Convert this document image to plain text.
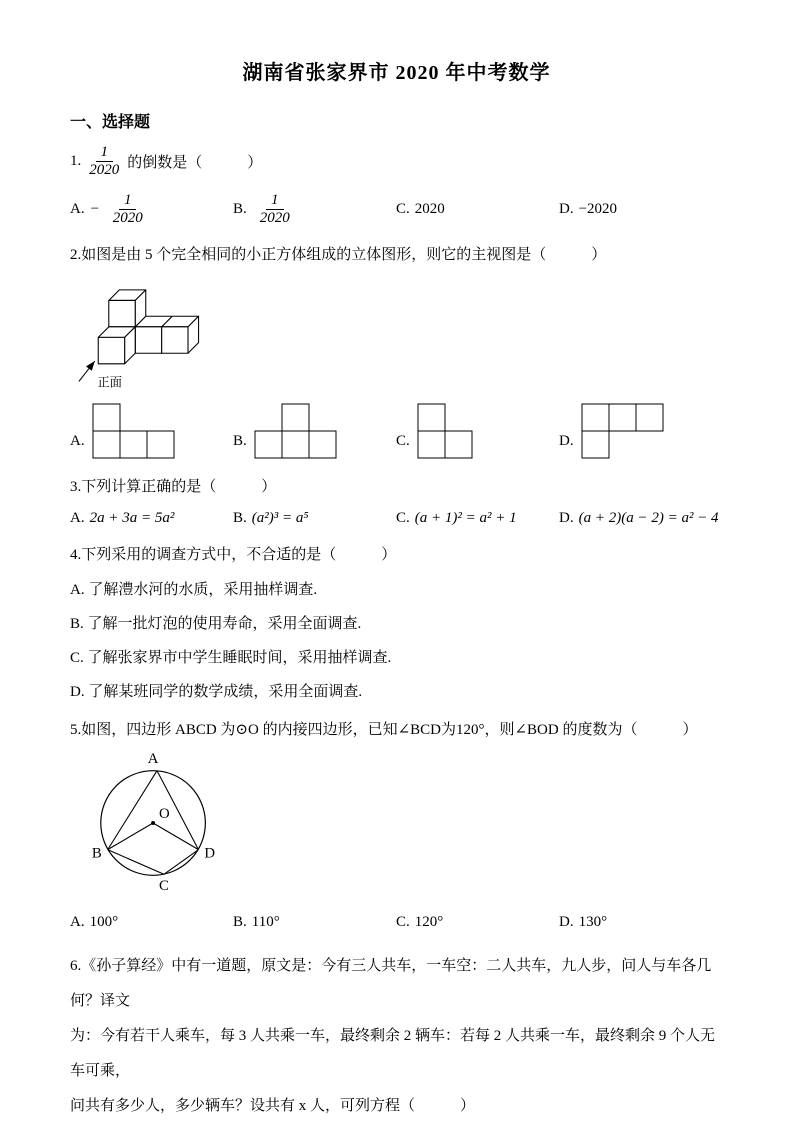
湖南省张家界市 2020 年中考数学
一、选择题
1. $\frac{1}{2020}$ 的倒数是（　　　）
A. − $\frac{1}{2020}$	B. $\frac{1}{2020}$	C. 2020	D. −2020
2.如图是由 5 个完全相同的小正方体组成的立体图形，则它的主视图是（　　　）
正面
A.	B.	C.	D.
3.下列计算正确的是（　　　）
A. 2a + 3a = 5a²	B. (a²)³ = a⁵	C. (a + 1)² = a² + 1	D. (a + 2)(a − 2) = a² − 4
4.下列采用的调查方式中，不合适的是（　　　）
A. 了解澧水河的水质，采用抽样调查.
B. 了解一批灯泡的使用寿命，采用全面调查.
C. 了解张家界市中学生睡眠时间，采用抽样调查.
D. 了解某班同学的数学成绩，采用全面调查.
5.如图，四边形 ABCD 为⊙O 的内接四边形，已知∠BCD为120°，则∠BOD 的度数为（　　　）
A
O
B
C
D
A. 100°	B. 110°	C. 120°	D. 130°
6.《孙子算经》中有一道题，原文是：今有三人共车，一车空：二人共车，九人步，问人与车各几何？译文
为：今有若干人乘车，每 3 人共乘一车，最终剩余 2 辆车：若每 2 人共乘一车，最终剩余 9 个人无车可乘，
问共有多少人，多少辆车？设共有 x 人，可列方程（　　　）
